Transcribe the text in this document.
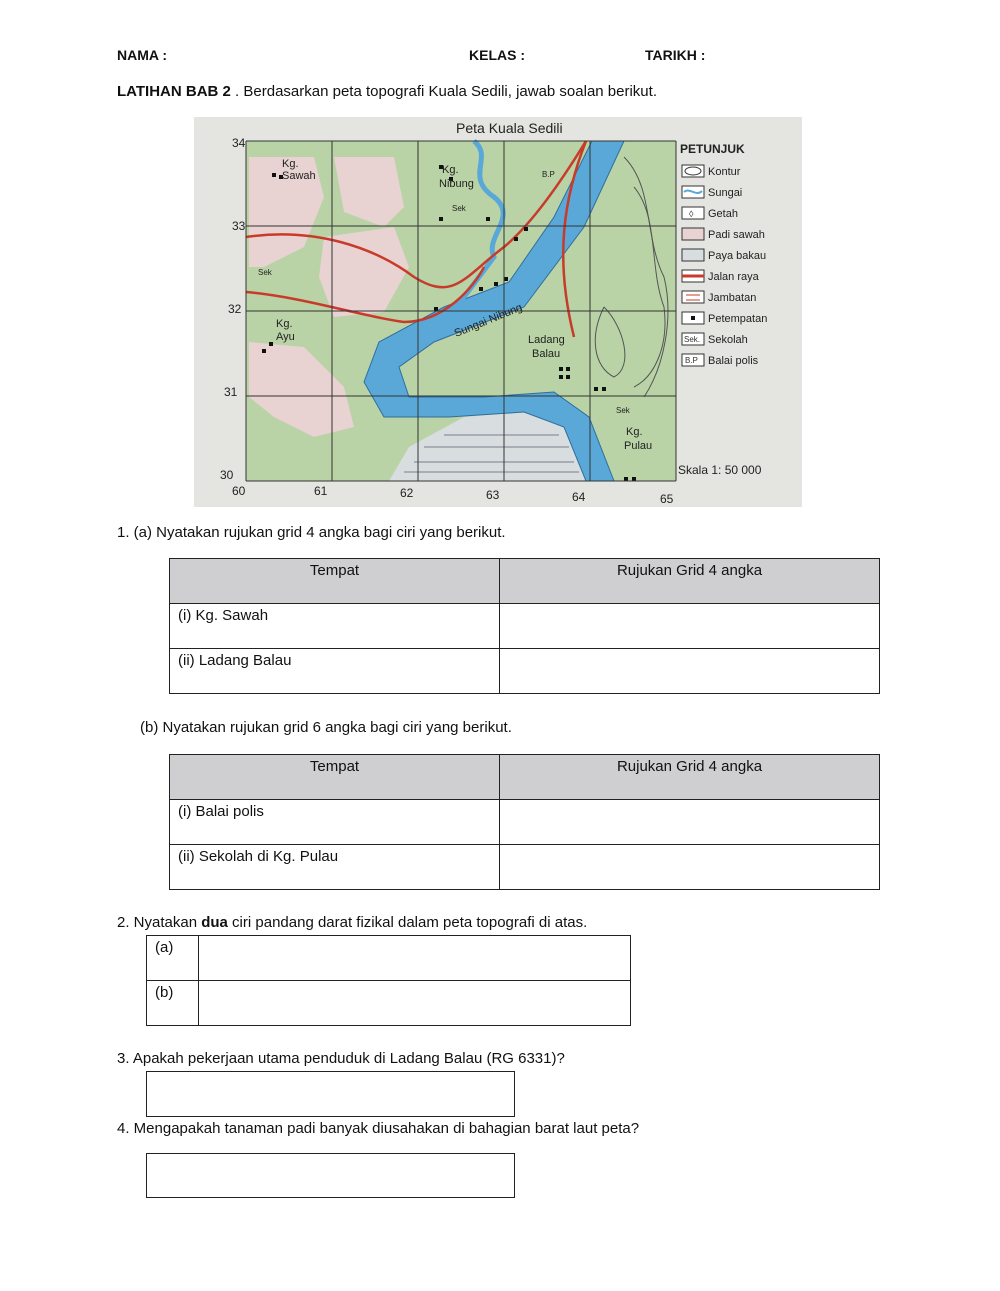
NAMA :	KELAS :	TARIKH :
LATIHAN BAB 2 . Berdasarkan peta topografi Kuala Sedili, jawab soalan berikut.
Peta Kuala Sedili
34
33
32
31
30
60	61	62	63	64	65
Kg.
Sawah	Kg.
Nibung
Kg.
Ayu	Ladang
Balau
Kg.
Pulau
Sungai Nibung
Sek
Sek
Sek
B.P
PETUNJUK
◊
Sek.
B.P
Kontur
Sungai
Getah
Padi sawah
Paya bakau
Jalan raya
Jambatan
Petempatan
Sekolah
Balai polis
Skala 1: 50 000
1. (a) Nyatakan rujukan grid 4 angka bagi ciri yang berikut.
Tempat	Rujukan Grid 4 angka
(i) Kg. Sawah	
(ii) Ladang Balau	
(b) Nyatakan rujukan grid 6 angka bagi ciri yang berikut.
Tempat	Rujukan Grid 4 angka
(i) Balai polis	
(ii) Sekolah di Kg. Pulau	
2. Nyatakan dua ciri pandang darat fizikal dalam peta topografi di atas.
(a)	
(b)	
3. Apakah pekerjaan utama penduduk di Ladang Balau (RG 6331)?
4. Mengapakah tanaman padi banyak diusahakan di bahagian barat laut peta?
